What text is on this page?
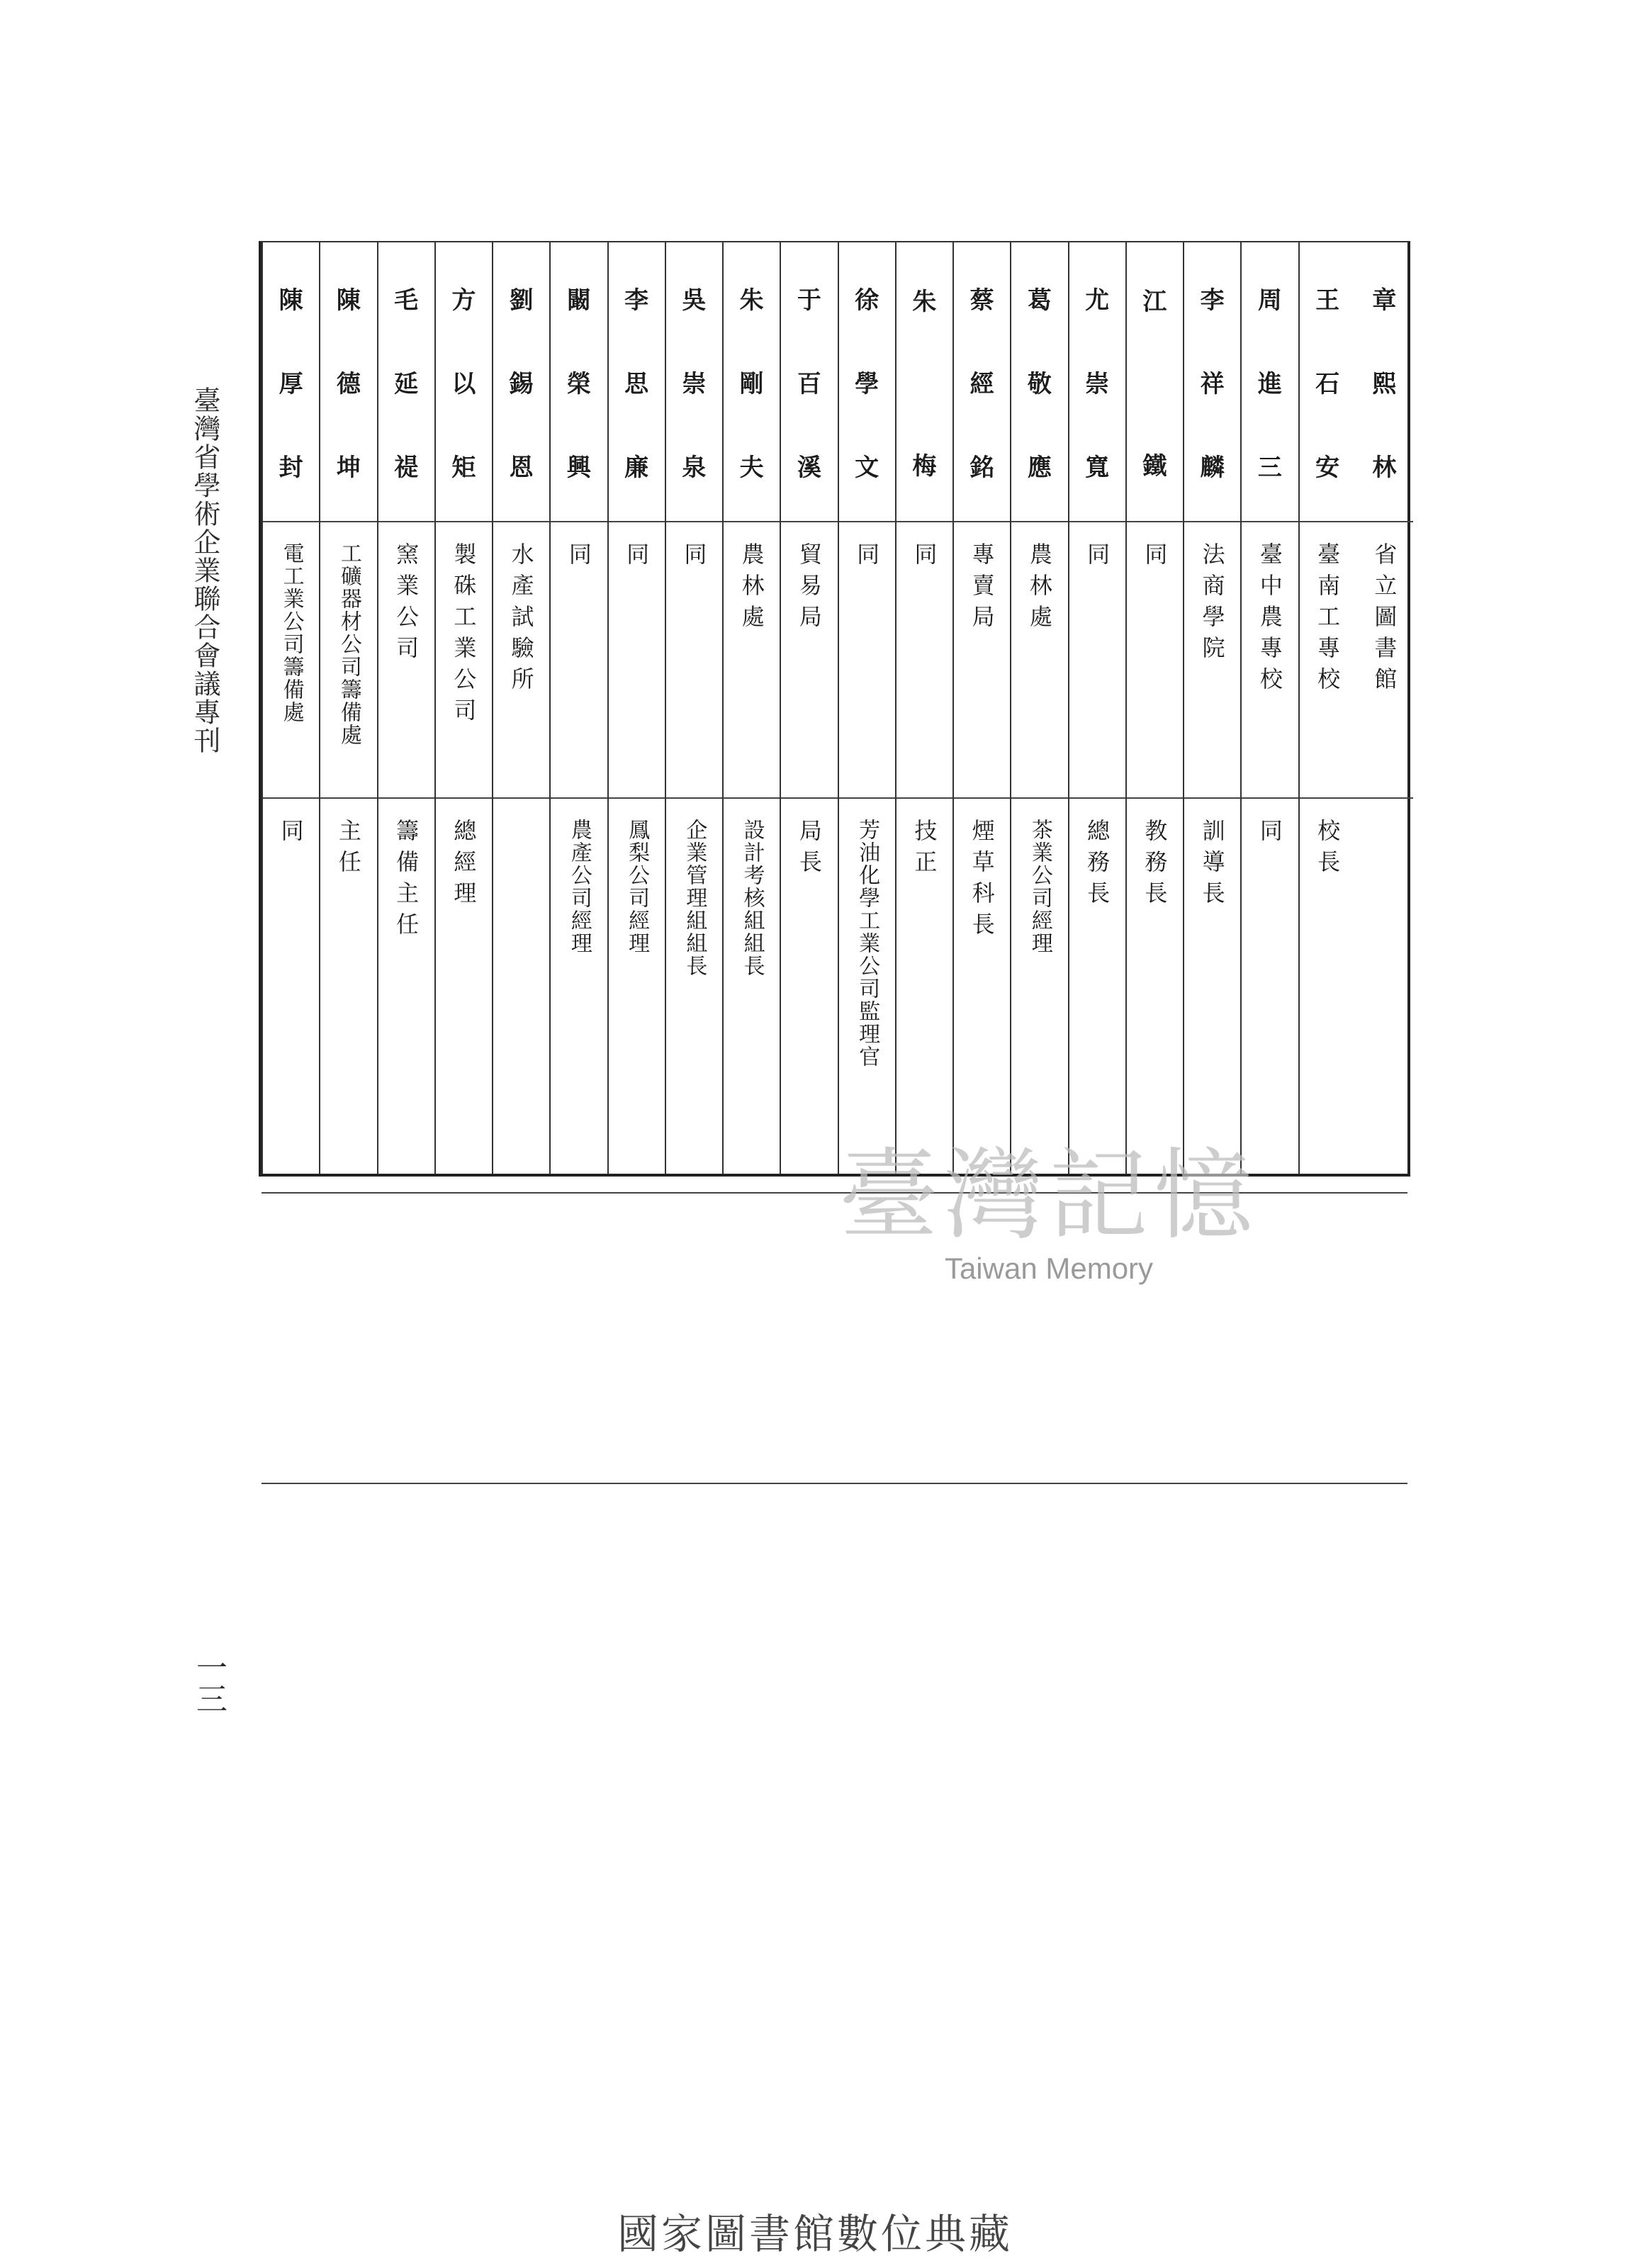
臺灣省學術企業聯合會議專刊
一三
章
熙
林
省立圖書館
王
石
安
臺南工專校
校長
周
進
三
臺中農專校
同
李
祥
麟
法商學院
訓導長
江

鐵
同
教務長
尤
崇
寬
同
總務長
葛
敬
應
農林處
茶業公司經理
蔡
經
銘
專賣局
煙草科長
朱

梅
同
技正
徐
學
文
同
芳油化學工業公司監理官
于
百
溪
貿易局
局長
朱
剛
夫
農林處
設計考核組組長
吳
崇
泉
同
企業管理組組長
李
思
廉
同
鳳梨公司經理
闞
榮
興
同
農產公司經理
劉
錫
恩
水產試驗所
方
以
矩
製硃工業公司
總經理
毛
延
禔
窯業公司
籌備主任
陳
德
坤
工礦器材公司籌備處
主任
陳
厚
封
電工業公司籌備處
同
臺灣記憶
Taiwan Memory
國家圖書館數位典藏
